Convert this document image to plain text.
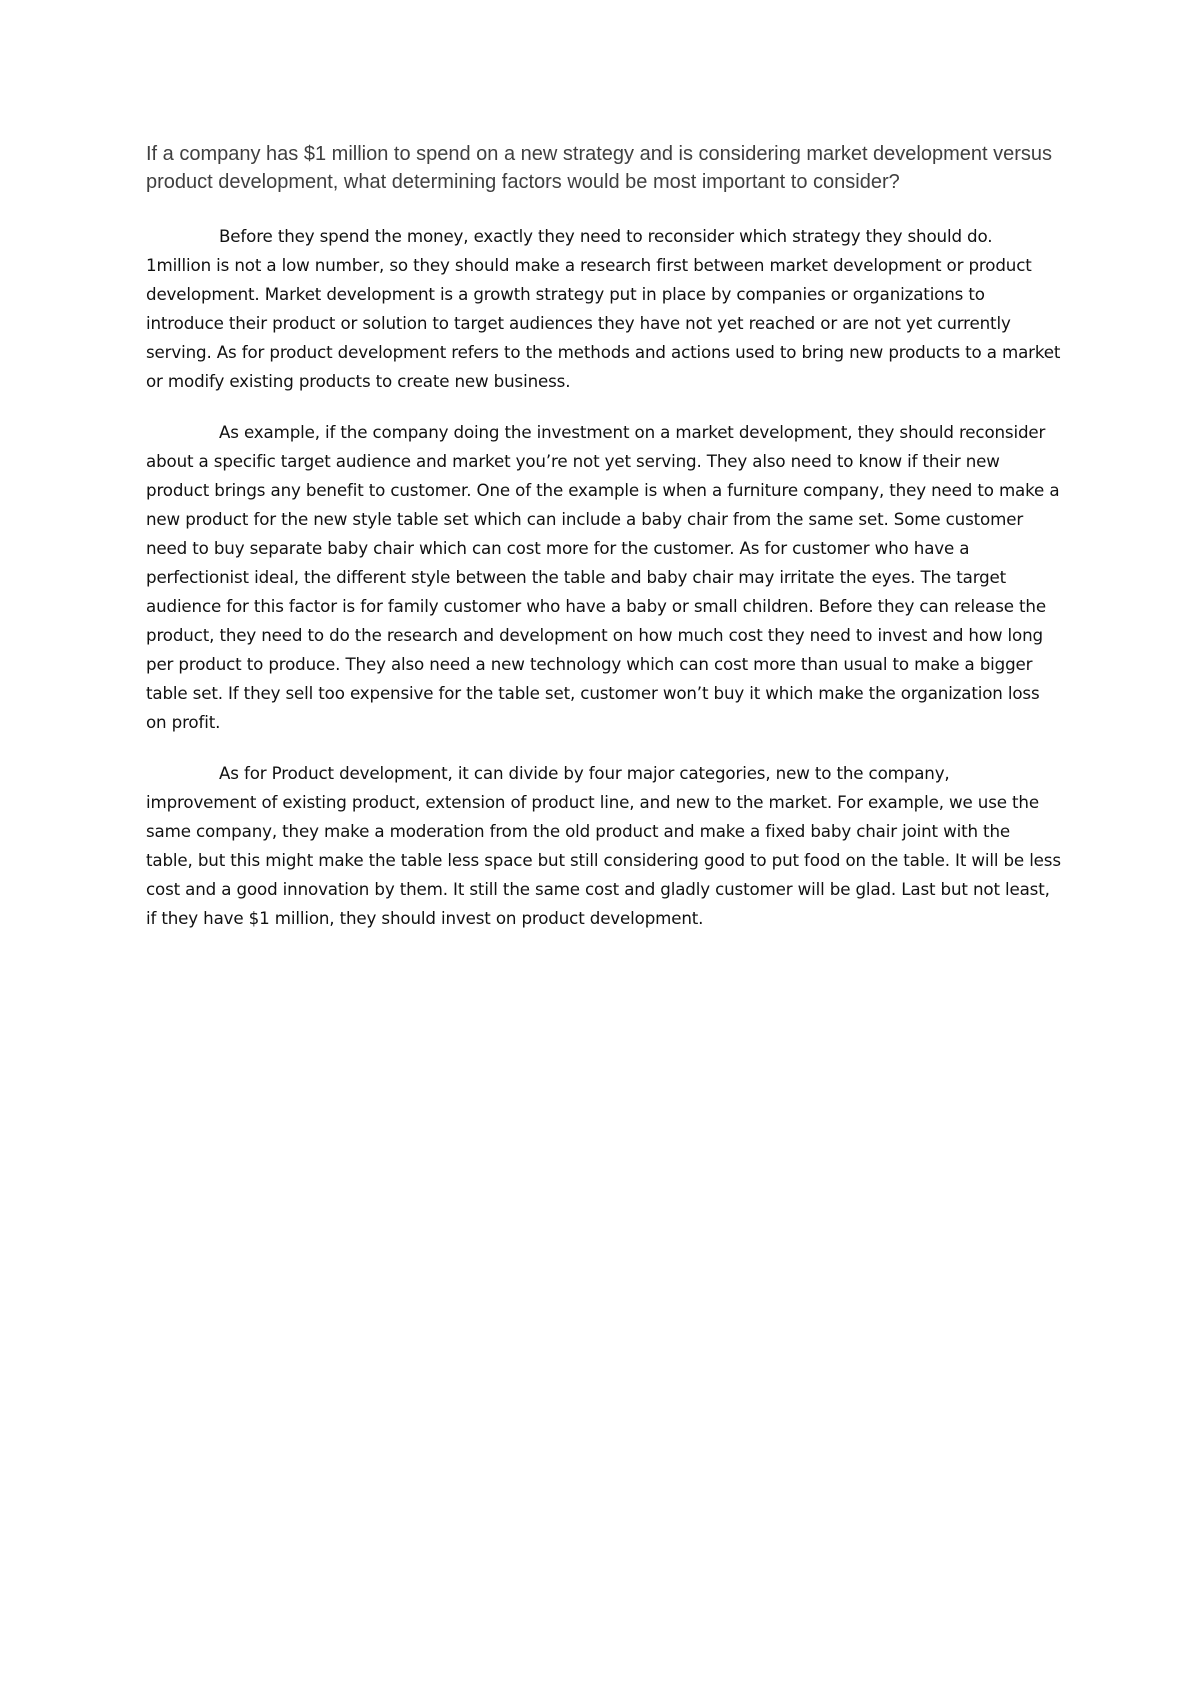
If a company has $1 million to spend on a new strategy and is considering market development versus product development, what determining factors would be most important to consider?

Before they spend the money, exactly they need to reconsider which strategy they should do. 1million is not a low number, so they should make a research first between market development or product development. Market development is a growth strategy put in place by companies or organizations to introduce their product or solution to target audiences they have not yet reached or are not yet currently serving. As for product development refers to the methods and actions used to bring new products to a market or modify existing products to create new business.

As example, if the company doing the investment on a market development, they should reconsider about a specific target audience and market you’re not yet serving. They also need to know if their new product brings any benefit to customer. One of the example is when a furniture company, they need to make a new product for the new style table set which can include a baby chair from the same set. Some customer need to buy separate baby chair which can cost more for the customer. As for customer who have a perfectionist ideal, the different style between the table and baby chair may irritate the eyes. The target audience for this factor is for family customer who have a baby or small children. Before they can release the product, they need to do the research and development on how much cost they need to invest and how long per product to produce. They also need a new technology which can cost more than usual to make a bigger table set. If they sell too expensive for the table set, customer won’t buy it which make the organization loss on profit.

As for Product development, it can divide by four major categories, new to the company, improvement of existing product, extension of product line, and new to the market. For example, we use the same company, they make a moderation from the old product and make a fixed baby chair joint with the table, but this might make the table less space but still considering good to put food on the table. It will be less cost and a good innovation by them. It still the same cost and gladly customer will be glad. Last but not least, if they have $1 million, they should invest on product development.
